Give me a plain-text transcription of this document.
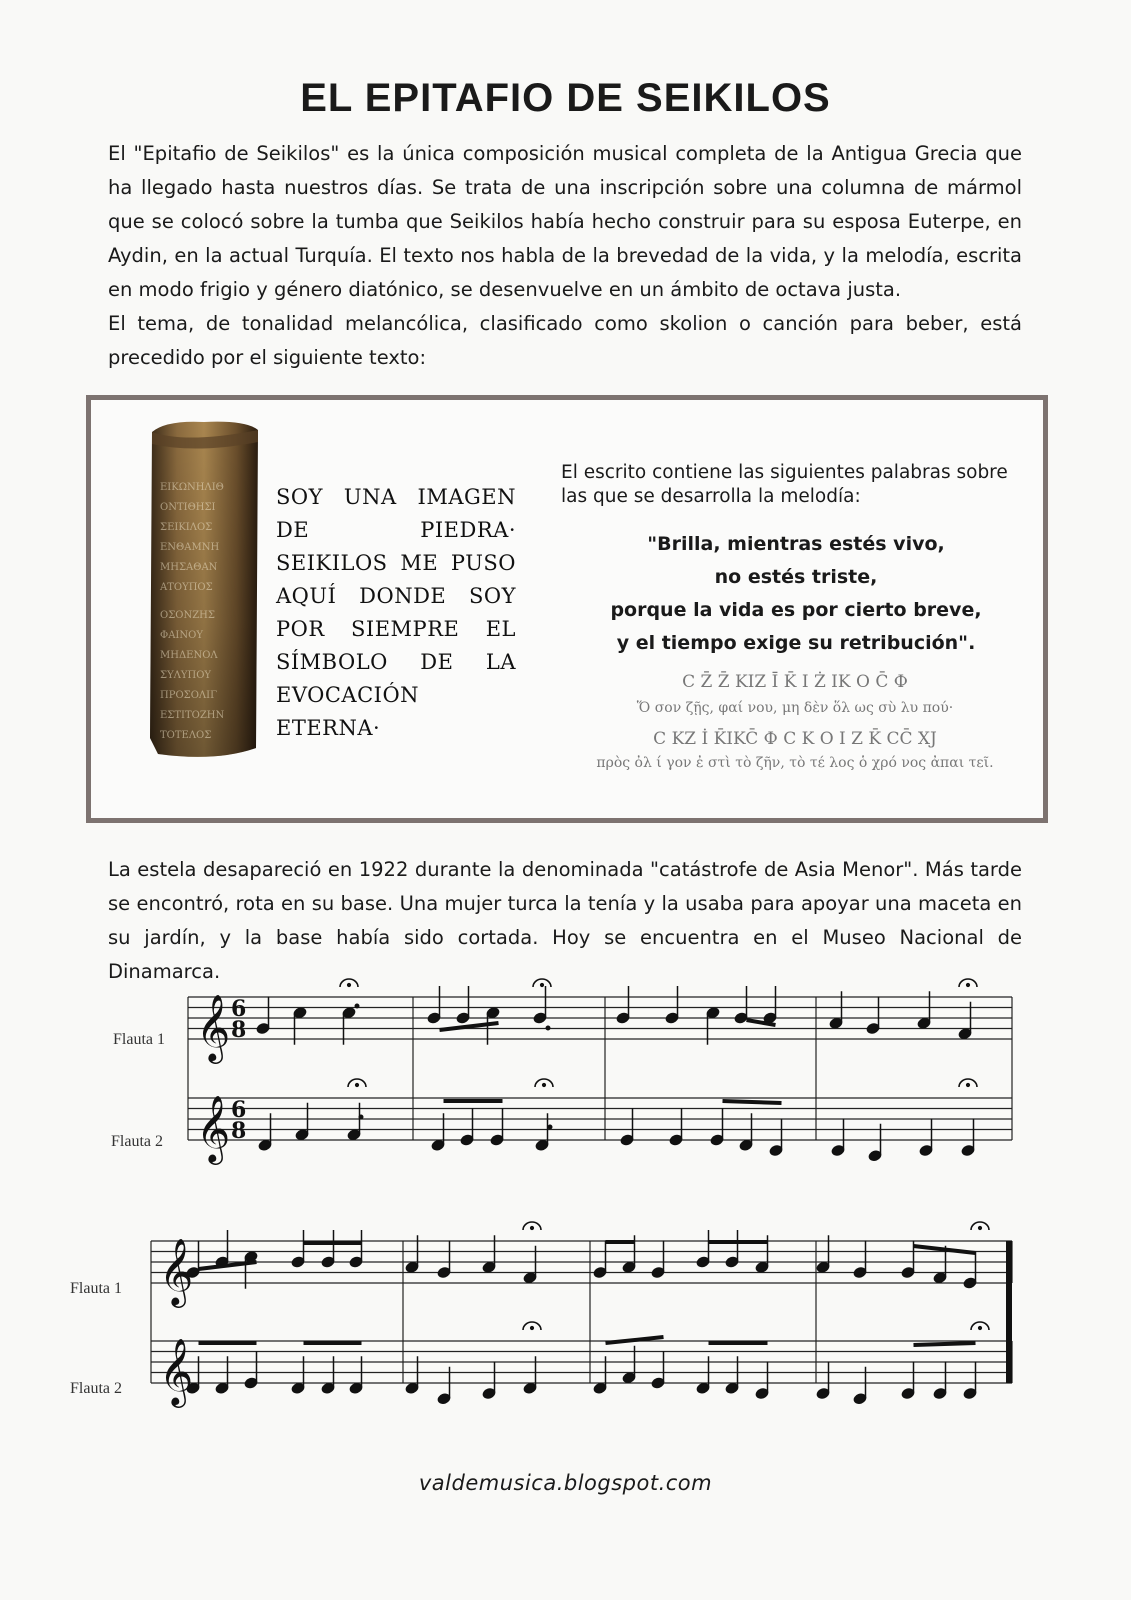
EL EPITAFIO DE SEIKILOS

El "Epitafio de Seikilos" es la única composición musical completa de la Antigua Grecia que ha llegado hasta nuestros días. Se trata de una inscripción sobre una columna de mármol que se colocó sobre la tumba que Seikilos había hecho construir para su esposa Euterpe, en Aydin, en la actual Turquía. El texto nos habla de la brevedad de la vida, y la melodía, escrita en modo frigio y género diatónico, se desenvuelve en un ámbito de octava justa.

El tema, de tonalidad melancólica, clasificado como skolion o canción para beber, está precedido por el siguiente texto:

ΕΙΚΩΝΗΛΙΘ
ΟΝΤΙΘΗΣΙ
ΣΕΙΚΙΛΟΣ
ΕΝΘΑΜΝΗ
ΜΗΣΑΘΑΝ
ΑΤΟΥΠΟΣ
ΟΣΟΝΖΗΣ
ΦΑΙΝΟΥ
ΜΗΔΕΝΟΛ
ΣΥΛΥΠΟΥ
ΠΡΟΣΟΛΙΓ
ΕΣΤΙΤΟΖΗΝ
ΤΟΤΕΛΟΣ
SOY UNA IMAGEN DE PIEDRA· SEIKILOS ME PUSO AQUÍ DONDE SOY POR SIEMPRE EL SÍMBOLO DE LA EVOCACIÓN ETERNA·
El escrito contiene las siguientes palabras sobre las que se desarrolla la melodía:

"Brilla, mientras estés vivo,

no estés triste,

porque la vida es por cierto breve,

y el tiempo exige su retribución".

C Z̄ Z̄ KIZ Ī K̄ I Ż IK O C̄ Ф
Ὅ σον ζῇς, φαί νου, μη δὲν ὅλ ως σὺ λυ πού·
C KZ İ K̄IKC̄ Ф C K O I Z K̄ CC̄ XJ
πρὸς ὀλ ί γον ἐ στὶ τὸ ζῆν, τὸ τέ λος ὁ χρό νος ἀπαι τεῖ.
La estela desapareció en 1922 durante la denominada "catástrofe de Asia Menor". Más tarde se encontró, rota en su base. Una mujer turca la tenía y la usaba para apoyar una maceta en su jardín, y la base había sido cortada. Hoy se encuentra en el Museo Nacional de Dinamarca.
Flauta 1
Flauta 2
Flauta 1
Flauta 2
𝄞
𝄞
𝄞
𝄞
6
8
6
8
valdemusica.blogspot.com
